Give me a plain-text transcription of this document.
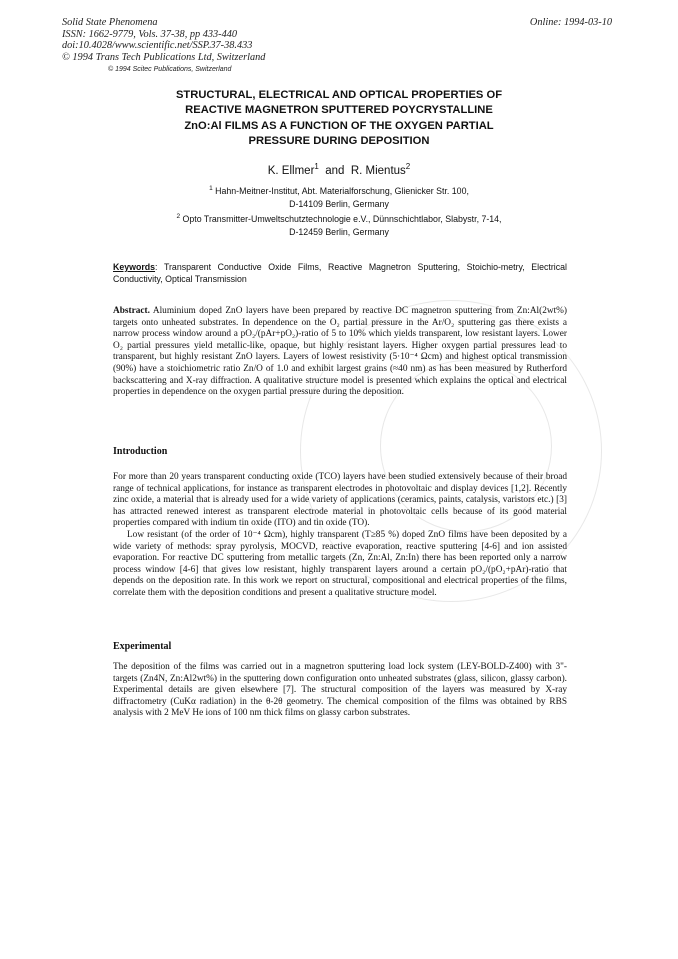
Solid State Phenomena
ISSN: 1662-9779, Vols. 37-38, pp 433-440
doi:10.4028/www.scientific.net/SSP.37-38.433
© 1994 Trans Tech Publications Ltd, Switzerland
Online: 1994-03-10
© 1994 Scitec Publications, Switzerland
STRUCTURAL, ELECTRICAL AND OPTICAL PROPERTIES OF
REACTIVE MAGNETRON SPUTTERED POYCRYSTALLINE
ZnO:Al FILMS AS A FUNCTION OF THE OXYGEN PARTIAL
PRESSURE DURING DEPOSITION
K. Ellmer$^1$ and R. Mientus$^2$
$^1$ Hahn-Meitner-Institut, Abt. Materialforschung, Glienicker Str. 100,
D-14109 Berlin, Germany
$^2$ Opto Transmitter-Umweltschutztechnologie e.V., Dünnschichtlabor, Slabystr, 7-14,
D-12459 Berlin, Germany
Keywords: Transparent Conductive Oxide Films, Reactive Magnetron Sputtering, Stoichio-metry, Electrical Conductivity, Optical Transmission
Abstract. Aluminium doped ZnO layers have been prepared by reactive DC magnetron sputtering from Zn:Al(2wt%) targets onto unheated substrates. In dependence on the O₂ partial pressure in the Ar/O₂ sputtering gas there exists a narrow process window around a pO₂/(pAr+pO₂)-ratio of 5 to 10% which yields transparent, low resistant layers. Lower O₂ partial pressures yield metallic-like, opaque, but highly resistant layers. Higher oxygen partial pressures lead to transparent, but highly resistant ZnO layers. Layers of lowest resistivity (5·10⁻⁴ Ωcm) and highest optical transmission (90%) have a stoichiometric ratio Zn/O of 1.0 and exhibit largest grains (≈40 nm) as has been measured by Rutherford backscattering and X-ray diffraction. A qualitative structure model is presented which explains the optical and electrical properties in dependence on the oxygen partial pressure during the deposition.
Introduction

For more than 20 years transparent conducting oxide (TCO) layers have been studied extensively because of their broad range of technical applications, for instance as transparent electrodes in photovoltaic and display devices [1,2]. Recently zinc oxide, a material that is already used for a wide variety of applications (ceramics, paints, catalysis, varistors etc.) [3] has attracted renewed interest as transparent electrode material in photovoltaic cells because of its good material properties compared with indium tin oxide (ITO) and tin oxide (TO).

Low resistant (of the order of 10⁻⁴ Ωcm), highly transparent (T≥85 %) doped ZnO films have been deposited by a wide variety of methods: spray pyrolysis, MOCVD, reactive evaporation, reactive sputtering [4-6] and ion assisted evaporation. For reactive DC sputtering from metallic targets (Zn, Zn:Al, Zn:In) there has been reported only a narrow process window [4-6] that gives low resistant, highly transparent layers around a certain pO₂/(pO₂+pAr)-ratio that depends on the deposition rate. In this work we report on structural, compositional and electrical properties of the films, correlate them with the deposition conditions and present a qualitative structure model.

Experimental

The deposition of the films was carried out in a magnetron sputtering load lock system (LEY-BOLD-Z400) with 3"-targets (Zn4N, Zn:Al2wt%) in the sputtering down configuration onto unheated substrates (glass, silicon, glassy carbon). Experimental details are given elsewhere [7]. The structural composition of the layers was measured by X-ray diffractometry (CuKα radiation) in the θ-2θ geometry. The chemical composition of the films was obtained by RBS analysis with 2 MeV He ions of 100 nm thick films on glassy carbon substrates.
